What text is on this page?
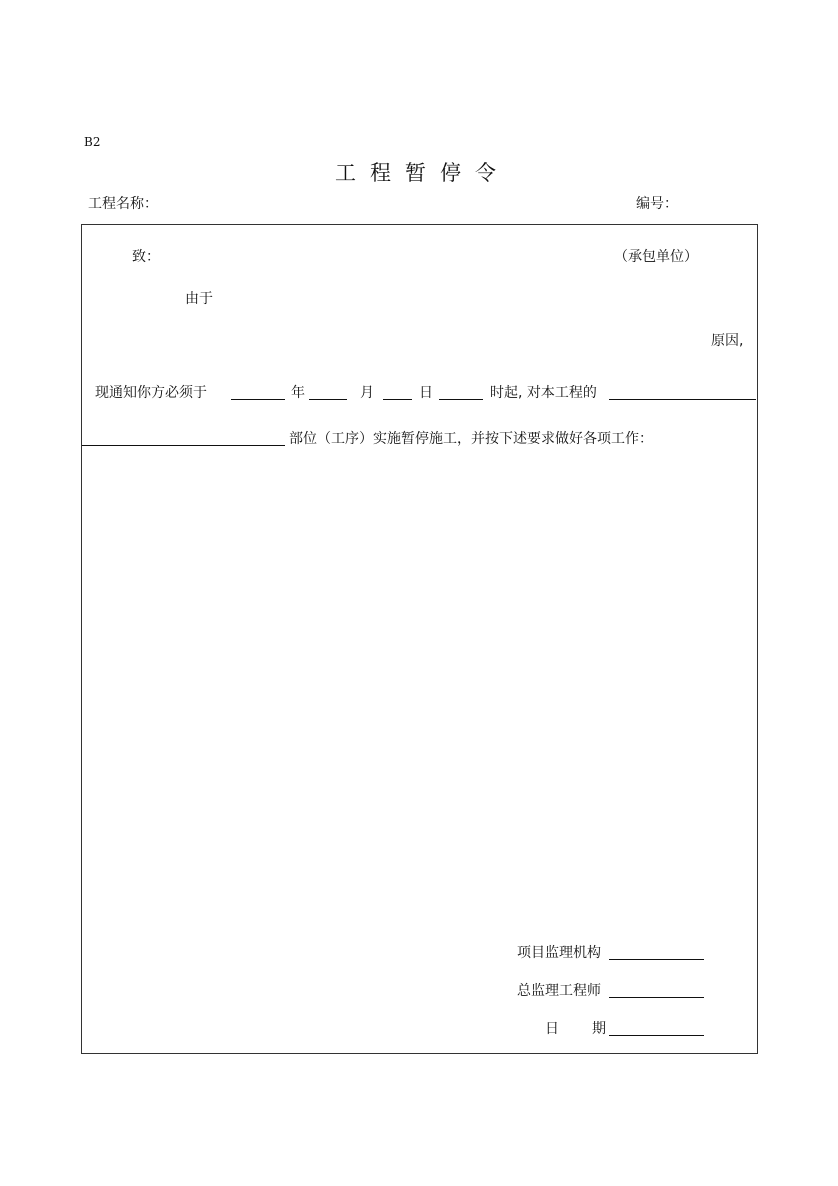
B2
工程暂停令
工程名称：	编号：
致：	（承包单位）
由于
原因,
现通知你方必须于	年	月	日	时起, 对本工程的
部位（工序）实施暂停施工，并按下述要求做好各项工作：
项目监理机构
总监理工程师
日 期
